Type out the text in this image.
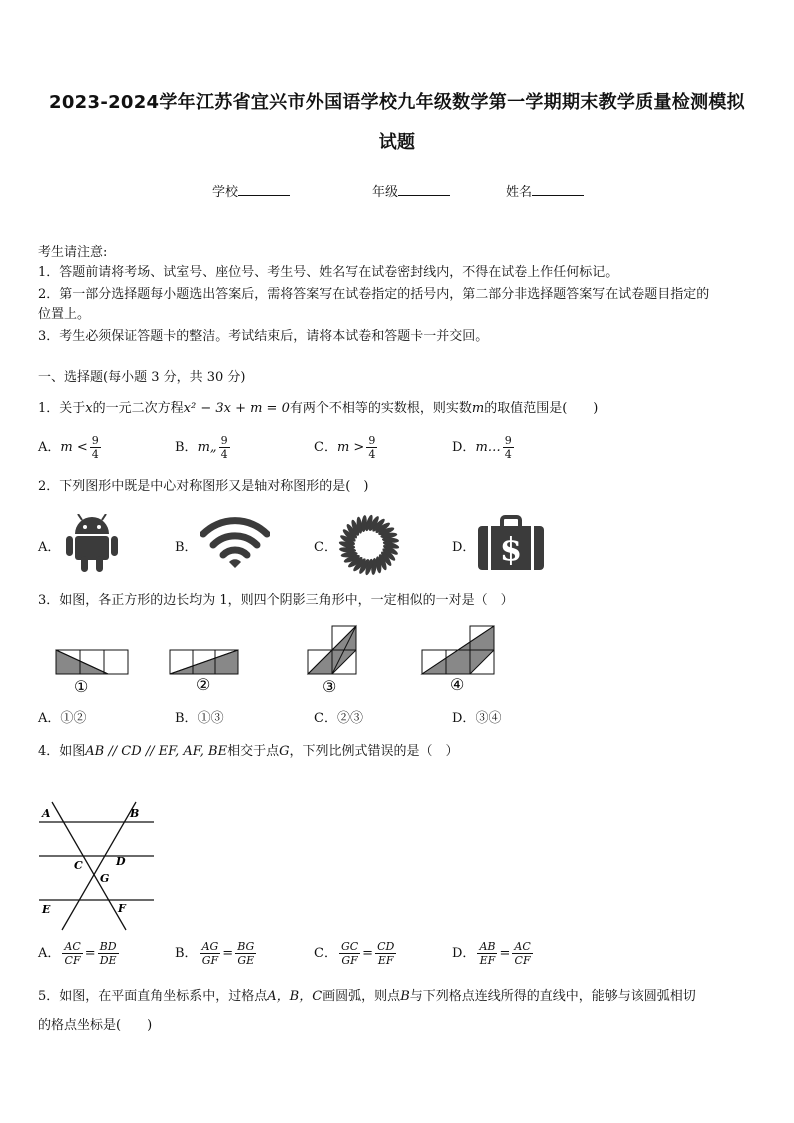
2023-2024学年江苏省宜兴市外国语学校九年级数学第一学期期末教学质量检测模拟
试题
学校	年级	姓名
考生请注意:
1．答题前请将考场、试室号、座位号、考生号、姓名写在试卷密封线内，不得在试卷上作任何标记。
2．第一部分选择题每小题选出答案后，需将答案写在试卷指定的括号内，第二部分非选择题答案写在试卷题目指定的
位置上。
3．考生必须保证答题卡的整洁。考试结束后，请将本试卷和答题卡一并交回。
一、选择题(每小题 3 分，共 30 分)
1．关于x的一元二次方程x² − 3x + m = 0有两个不相等的实数根，则实数m的取值范围是(　　)
A．$m < \frac{9}{4}$	B．m„ $\frac{9}{4}$	C．$m > \frac{9}{4}$	D．m… $\frac{9}{4}$
2．下列图形中既是中心对称图形又是轴对称图形的是(　)
A．	B．	C．	D． $
3．如图，各正方形的边长均为 1，则四个阴影三角形中，一定相似的一对是（　）
①	②	③	④
A．①②	B．①③	C．②③	D．③④
4．如图AB // CD // EF, AF, BE相交于点G，下列比例式错误的是（　）
A	B
C	D
G
E	F
A． $\frac{AC}{CF} = \frac{BD}{DE}$	B． $\frac{AG}{GF} = \frac{BG}{GE}$	C． $\frac{GC}{GF} = \frac{CD}{EF}$	D． $\frac{AB}{EF} = \frac{AC}{CF}$
5．如图，在平面直角坐标系中，过格点A，B，C画圆弧，则点B与下列格点连线所得的直线中，能够与该圆弧相切
的格点坐标是(　　)
